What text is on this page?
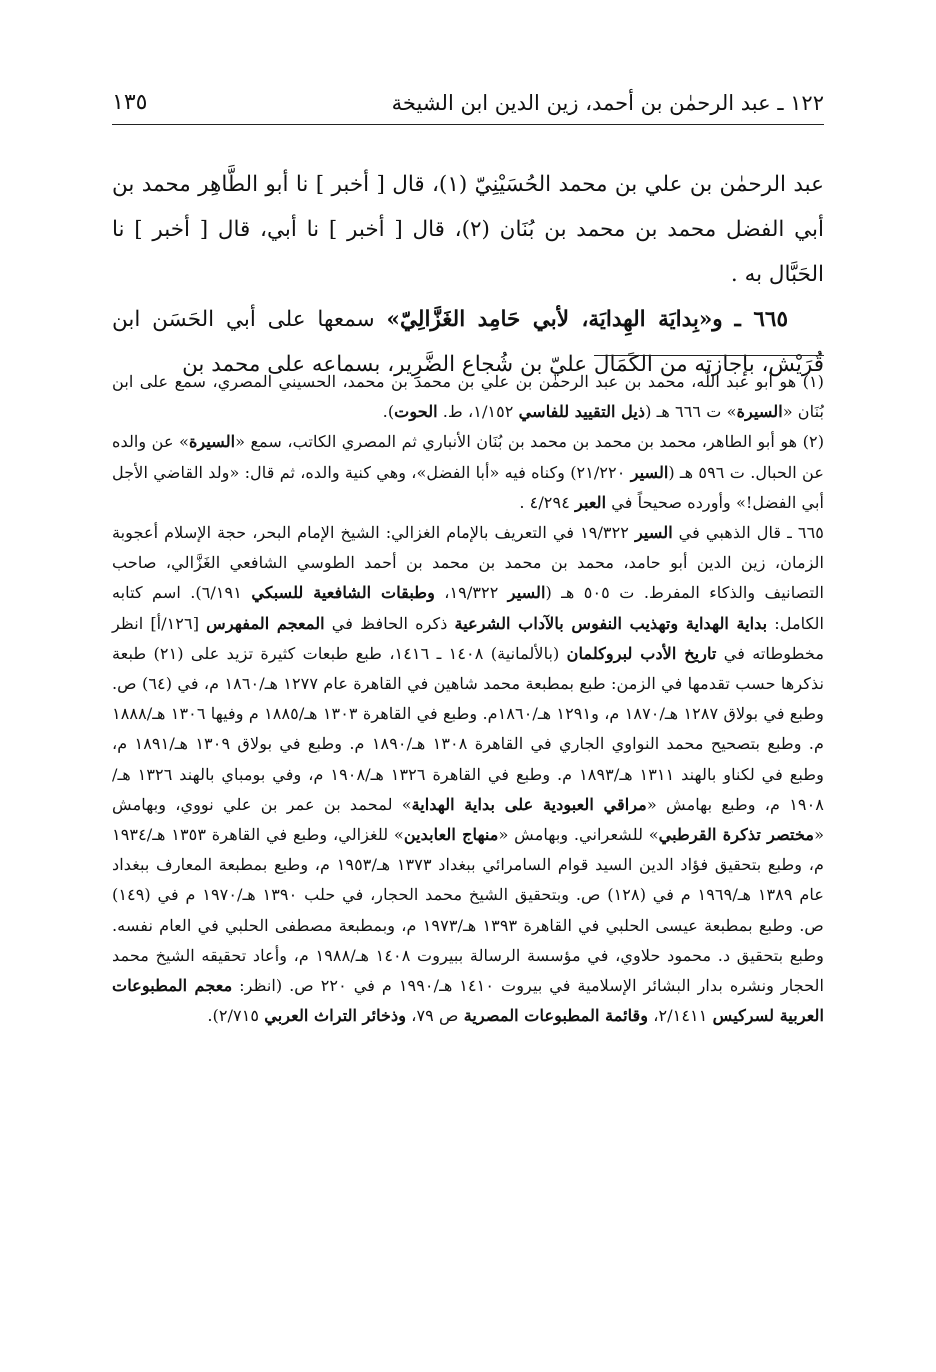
١٢٢ ـ عبد الرحمٰن بن أحمد، زين الدين ابن الشيخة
١٣٥

عبد الرحمٰن بن علي بن محمد الحُسَيْنِيّ (١)، قال [ أخبر ] نا أبو الطَّاهِر محمد بن أبي الفضل محمد بن محمد بن بُنَان (٢)، قال [ أخبر ] نا أبي، قال [ أخبر ] نا الحَبَّال به .

٦٦٥ ـ و«بِدايَة الهِدايَة، لأبي حَامِد الغَزَّالِيّ» سمعها على أبي الحَسَن ابن قُرَيْش، بإجازته من الكَمَال عليّ بن شُجاع الضَّرِير، بسماعه على محمد بن

(١) هو أبو عبد اللّٰه، محمد بن عبد الرحمٰن بن علي بن محمد بن محمد، الحسيني المصري، سمع على ابن بُنَان «السيرة» ت ٦٦٦ هـ (ذيل التقييد للفاسي ١/١٥٢، ط. الحوت).

(٢) هو أبو الطاهر، محمد بن محمد بن محمد بن بُنَان الأنباري ثم المصري الكاتب، سمع «السيرة» عن والده عن الحبال. ت ٥٩٦ هـ (السير ٢١/٢٢٠) وكناه فيه «أبا الفضل»، وهي كنية والده، ثم قال: «ولد القاضي الأجل أبي الفضل!» وأورده صحيحاً في العبر ٤/٢٩٤ .

٦٦٥ ـ قال الذهبي في السير ١٩/٣٢٢ في التعريف بالإمام الغزالي: الشيخ الإمام البحر، حجة الإسلام أعجوبة الزمان، زين الدين أبو حامد، محمد بن محمد بن محمد بن أحمد الطوسي الشافعي الغَزَّالي، صاحب التصانيف والذكاء المفرط. ت ٥٠٥ هـ (السير ١٩/٣٢٢، وطبقات الشافعية للسبكي ٦/١٩١). اسم كتابه الكامل: بداية الهداية وتهذيب النفوس بالآداب الشرعية ذكره الحافظ في المعجم المفهرس [١٢٦/أ] انظر مخطوطاته في تاريخ الأدب لبروكلمان (بالألمانية) ١٤٠٨ ـ ١٤١٦، طبع طبعات كثيرة تزيد على (٢١) طبعة نذكرها حسب تقدمها في الزمن: طبع بمطبعة محمد شاهين في القاهرة عام ١٢٧٧ هـ/١٨٦٠ م، في (٦٤) ص. وطبع في بولاق ١٢٨٧ هـ/١٨٧٠ م، و١٢٩١ هـ/١٨٦٠م. وطبع في القاهرة ١٣٠٣ هـ/١٨٨٥ م وفيها ١٣٠٦ هـ/١٨٨٨ م. وطبع بتصحيح محمد النواوي الجاري في القاهرة ١٣٠٨ هـ/١٨٩٠ م. وطبع في بولاق ١٣٠٩ هـ/١٨٩١ م، وطبع في لكناو بالهند ١٣١١ هـ/١٨٩٣ م. وطبع في القاهرة ١٣٢٦ هـ/١٩٠٨ م، وفي بومباي بالهند ١٣٢٦ هـ/١٩٠٨ م، وطبع بهامش «مراقي العبودية على بداية الهداية» لمحمد بن عمر بن علي نووي، وبهامش «مختصر تذكرة القرطبي» للشعراني. وبهامش «منهاج العابدين» للغزالي، وطبع في القاهرة ١٣٥٣ هـ/١٩٣٤ م، وطبع بتحقيق فؤاد الدين السيد قوام السامرائي ببغداد ١٣٧٣ هـ/١٩٥٣ م، وطبع بمطبعة المعارف ببغداد عام ١٣٨٩ هـ/١٩٦٩ م في (١٢٨) ص. وبتحقيق الشيخ محمد الحجار، في حلب ١٣٩٠ هـ/١٩٧٠ م في (١٤٩) ص. وطبع بمطبعة عيسى الحلبي في القاهرة ١٣٩٣ هـ/١٩٧٣ م، وبمطبعة مصطفى الحلبي في العام نفسه. وطبع بتحقيق د. محمود حلاوي، في مؤسسة الرسالة ببيروت ١٤٠٨ هـ/١٩٨٨ م، وأعاد تحقيقه الشيخ محمد الحجار ونشره بدار البشائر الإسلامية في بيروت ١٤١٠ هـ/١٩٩٠ م في ٢٢٠ ص. (انظر: معجم المطبوعات العربية لسركيس ٢/١٤١١، وقائمة المطبوعات المصرية ص ٧٩، وذخائر التراث العربي ٢/٧١٥).
